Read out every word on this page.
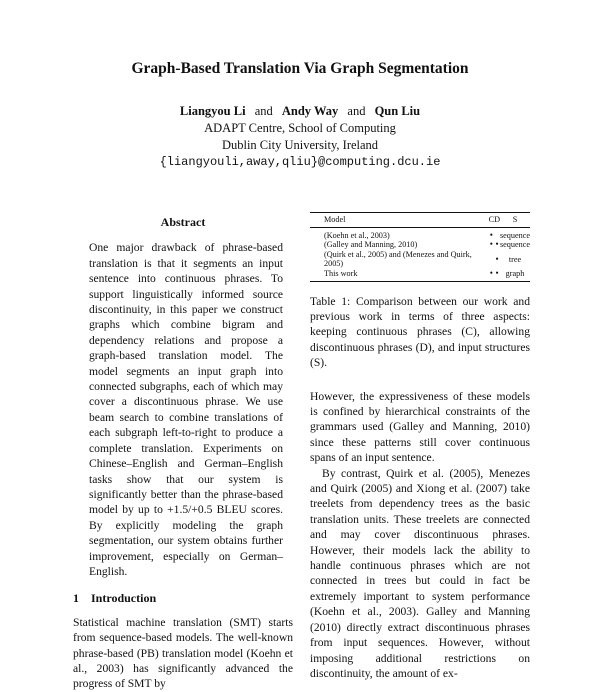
Graph-Based Translation Via Graph Segmentation
Liangyou Li and Andy Way and Qun Liu
ADAPT Centre, School of Computing
Dublin City University, Ireland
{liangyouli,away,qliu}@computing.dcu.ie
Abstract

One major drawback of phrase-based translation is that it segments an input sentence into continuous phrases. To support linguistically informed source discontinuity, in this paper we construct graphs which combine bigram and dependency relations and propose a graph-based translation model. The model segments an input graph into connected subgraphs, each of which may cover a discontinuous phrase. We use beam search to combine translations of each subgraph left-to-right to produce a complete translation. Experiments on Chinese–English and German–English tasks show that our system is significantly better than the phrase-based model by up to +1.5/+0.5 BLEU scores. By explicitly modeling the graph segmentation, our system obtains further improvement, especially on German–English.

1 Introduction

Statistical machine translation (SMT) starts from sequence-based models. The well-known phrase-based (PB) translation model (Koehn et al., 2003) has significantly advanced the progress of SMT by

Model	C	D	S
(Koehn et al., 2003)	•		sequence
(Galley and Manning, 2010)	•	•	sequence
(Quirk et al., 2005) and (Menezes and Quirk, 2005)		•	tree
This work	•	•	graph

Table 1: Comparison between our work and previous work in terms of three aspects: keeping continuous phrases (C), allowing discontinuous phrases (D), and input structures (S).

However, the expressiveness of these models is confined by hierarchical constraints of the grammars used (Galley and Manning, 2010) since these patterns still cover continuous spans of an input sentence.

By contrast, Quirk et al. (2005), Menezes and Quirk (2005) and Xiong et al. (2007) take treelets from dependency trees as the basic translation units. These treelets are connected and may cover discontinuous phrases. However, their models lack the ability to handle continuous phrases which are not connected in trees but could in fact be extremely important to system performance (Koehn et al., 2003). Galley and Manning (2010) directly extract discontinuous phrases from input sequences. However, without imposing additional restrictions on discontinuity, the amount of ex-
